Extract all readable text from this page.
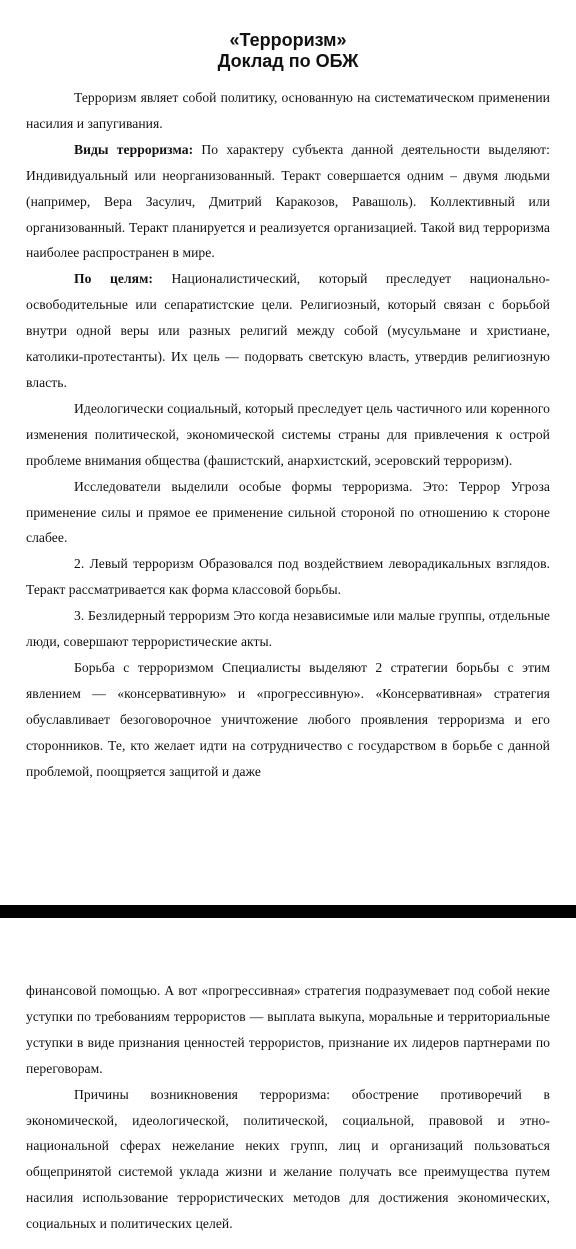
«Терроризм»
Доклад по ОБЖ

Терроризм являет собой политику, основанную на систематическом применении насилия и запугивания.

Виды терроризма: По характеру субъекта данной деятельности выделяют: Индивидуальный или неорганизованный. Теракт совершается одним – двумя людьми (например, Вера Засулич, Дмитрий Каракозов, Равашоль). Коллективный или организованный. Теракт планируется и реализуется организацией. Такой вид терроризма наиболее распространен в мире.

По целям: Националистический, который преследует национально-освободительные или сепаратистские цели. Религиозный, который связан с борьбой внутри одной веры или разных религий между собой (мусульмане и христиане, католики-протестанты). Их цель — подорвать светскую власть, утвердив религиозную власть.

Идеологически социальный, который преследует цель частичного или коренного изменения политической, экономической системы страны для привлечения к острой проблеме внимания общества (фашистский, анархистский, эсеровский терроризм).

Исследователи выделили особые формы терроризма. Это: Террор Угроза применение силы и прямое ее применение сильной стороной по отношению к стороне слабее.

2. Левый терроризм Образовался под воздействием леворадикальных взглядов. Теракт рассматривается как форма классовой борьбы.

3. Безлидерный терроризм Это когда независимые или малые группы, отдельные люди, совершают террористические акты.

Борьба с терроризмом Специалисты выделяют 2 стратегии борьбы с этим явлением — «консервативную» и «прогрессивную». «Консервативная» стратегия обуславливает безоговорочное уничтожение любого проявления терроризма и его сторонников. Те, кто желает идти на сотрудничество с государством в борьбе с данной проблемой, поощряется защитой и даже

финансовой помощью. А вот «прогрессивная» стратегия подразумевает под собой некие уступки по требованиям террористов — выплата выкупа, моральные и территориальные уступки в виде признания ценностей террористов, признание их лидеров партнерами по переговорам.

Причины возникновения терроризма: обострение противоречий в экономической, идеологической, политической, социальной, правовой и этно-национальной сферах нежелание неких групп, лиц и организаций пользоваться общепринятой системой уклада жизни и желание получать все преимущества путем насилия использование террористических методов для достижения экономических, социальных и политических целей.
